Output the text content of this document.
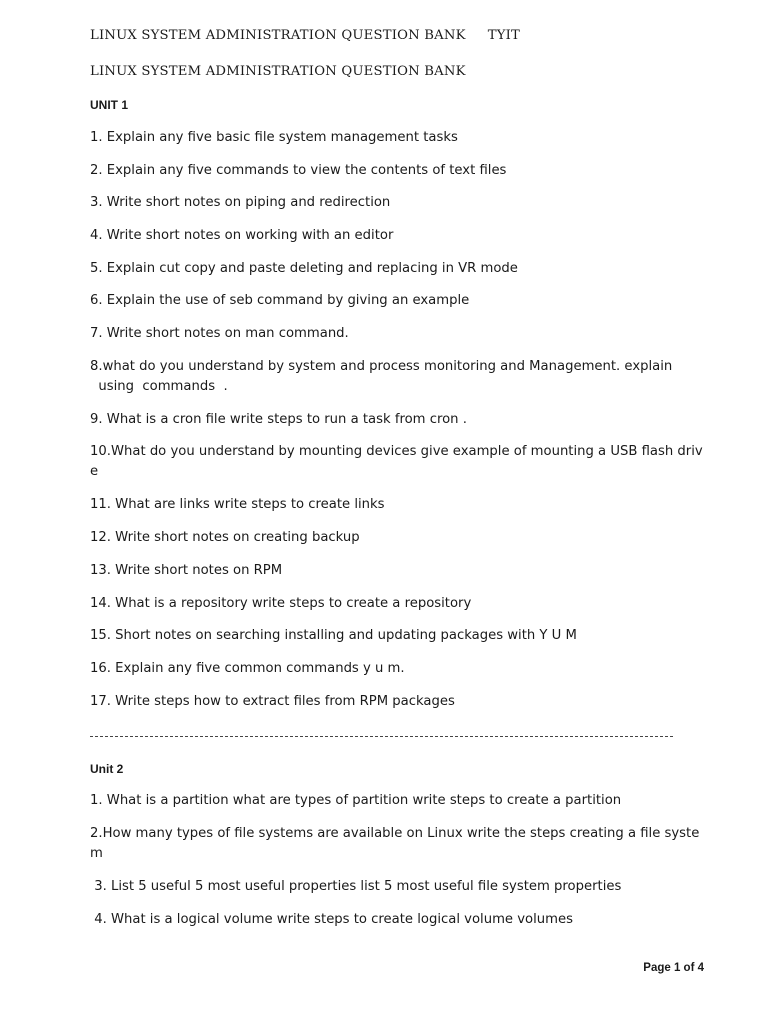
LINUX SYSTEM ADMINISTRATION QUESTION BANK TYIT
LINUX SYSTEM ADMINISTRATION QUESTION BANK
UNIT 1
1. Explain any five basic file system management tasks
2. Explain any five commands to view the contents of text files
3. Write short notes on piping and redirection
4. Write short notes on working with an editor
5. Explain cut copy and paste deleting and replacing in VR mode
6. Explain the use of seb command by giving an example
7. Write short notes on man command.
8.what do you understand by system and process monitoring and Management. explain
using  commands  .
9. What is a cron file write steps to run a task from cron .
10.What do you understand by mounting devices give example of mounting a USB flash drive
11. What are links write steps to create links
12. Write short notes on creating backup
13. Write short notes on RPM
14. What is a repository write steps to create a repository
15. Short notes on searching installing and updating packages with Y U M
16. Explain any five common commands y u m.
17. Write steps how to extract files from RPM packages
Unit 2
1. What is a partition what are types of partition write steps to create a partition
2.How many types of file systems are available on Linux write the steps creating a file system
3. List 5 useful 5 most useful properties list 5 most useful file system properties
4. What is a logical volume write steps to create logical volume volumes
Page 1 of 4
